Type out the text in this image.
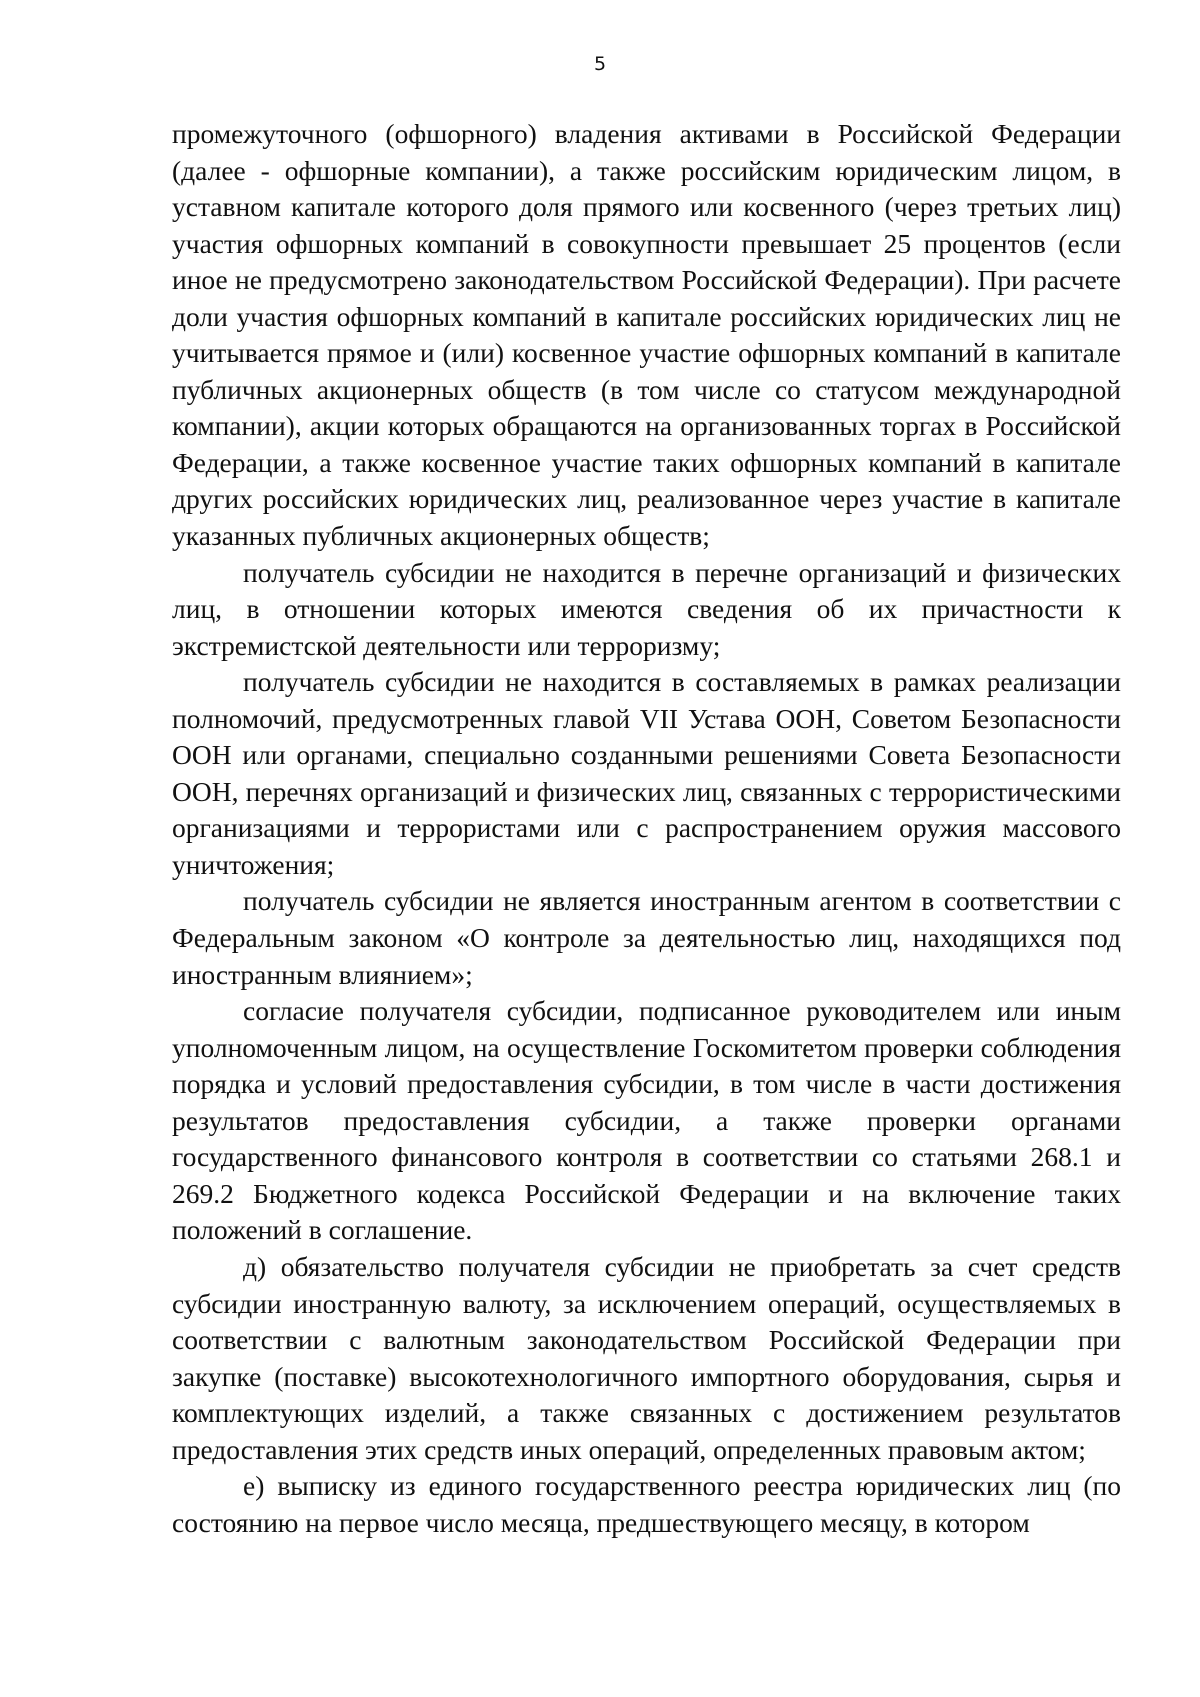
5

промежуточного (офшорного) владения активами в Российской Федерации (далее - офшорные компании), а также российским юридическим лицом, в уставном капитале которого доля прямого или косвенного (через третьих лиц) участия офшорных компаний в совокупности превышает 25 процентов (если иное не предусмотрено законодательством Российской Федерации). При расчете доли участия офшорных компаний в капитале российских юридических лиц не учитывается прямое и (или) косвенное участие офшорных компаний в капитале публичных акционерных обществ (в том числе со статусом международной компании), акции которых обращаются на организованных торгах в Российской Федерации, а также косвенное участие таких офшорных компаний в капитале других российских юридических лиц, реализованное через участие в капитале указанных публичных акционерных обществ;

получатель субсидии не находится в перечне организаций и физических лиц, в отношении которых имеются сведения об их причастности к экстремистской деятельности или терроризму;

получатель субсидии не находится в составляемых в рамках реализации полномочий, предусмотренных главой VII Устава ООН, Советом Безопасности ООН или органами, специально созданными решениями Совета Безопасности ООН, перечнях организаций и физических лиц, связанных с террористическими организациями и террористами или с распространением оружия массового уничтожения;

получатель субсидии не является иностранным агентом в соответствии с Федеральным законом «О контроле за деятельностью лиц, находящихся под иностранным влиянием»;

согласие получателя субсидии, подписанное руководителем или иным уполномоченным лицом, на осуществление Госкомитетом проверки соблюдения порядка и условий предоставления субсидии, в том числе в части достижения результатов предоставления субсидии, а также проверки органами государственного финансового контроля в соответствии со статьями 268.1 и 269.2 Бюджетного кодекса Российской Федерации и на включение таких положений в соглашение.

д) обязательство получателя субсидии не приобретать за счет средств субсидии иностранную валюту, за исключением операций, осуществляемых в соответствии с валютным законодательством Российской Федерации при закупке (поставке) высокотехнологичного импортного оборудования, сырья и комплектующих изделий, а также связанных с достижением результатов предоставления этих средств иных операций, определенных правовым актом;

е) выписку из единого государственного реестра юридических лиц (по состоянию на первое число месяца, предшествующего месяцу, в котором
